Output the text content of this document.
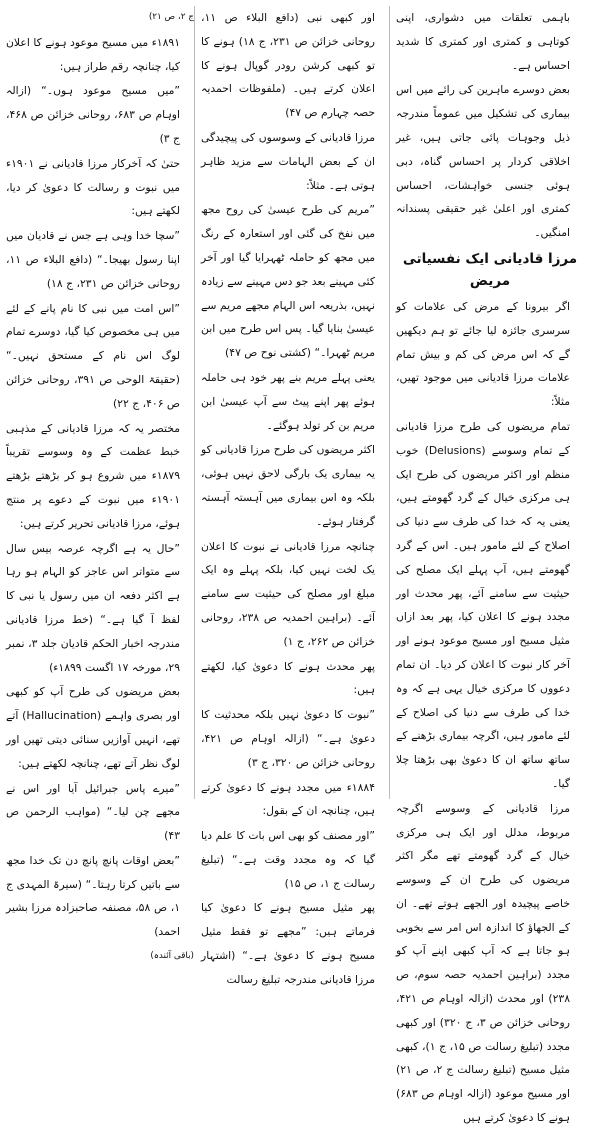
باہمی تعلقات میں دشواری، اپنی کوتاہی و کمتری اور کمتری کا شدید احساس ہے۔
بعض دوسرے ماہرین کی رائے میں اس بیماری کی تشکیل میں عموماً مندرجہ ذیل وجوہات پائی جاتی ہیں، غیر اخلاقی کردار پر احساس گناہ، دبی ہوئی جنسی خواہشات، احساس کمتری اور اعلیٰ غیر حقیقی پسندانہ امنگیں۔
مرزا قادیانی ایک نفسیاتی مریض
اگر بیرونا کے مرض کی علامات کو سرسری جائزہ لیا جائے تو ہم دیکھیں گے کہ اس مرض کی کم و بیش تمام علامات مرزا قادیانی میں موجود تھیں، مثلاً:
تمام مریضوں کی طرح مرزا قادیانی کے تمام وسوسے (Delusions) خوب منظم اور اکثر مریضوں کی طرح ایک ہی مرکزی خیال کے گرد گھومتے ہیں، یعنی یہ کہ خدا کی طرف سے دنیا کی اصلاح کے لئے مامور ہیں۔ اس کے گرد گھومتے ہیں، آپ پہلے ایک مصلح کی حیثیت سے سامنے آئے، پھر محدث اور مجدد ہونے کا اعلان کیا، پھر بعد ازاں مثیل مسیح اور مسیح موعود ہونے اور آخر کار نبوت کا اعلان کر دیا۔ ان تمام دعووں کا مرکزی خیال یہی ہے کہ وہ خدا کی طرف سے دنیا کی اصلاح کے لئے مامور ہیں، اگرچہ بیماری بڑھنے کے ساتھ ساتھ ان کا دعویٰ بھی بڑھتا چلا گیا۔
مرزا قادیانی کے وسوسے اگرچہ مربوط، مدلل اور ایک ہی مرکزی خیال کے گرد گھومتے تھے مگر اکثر مریضوں کی طرح ان کے وسوسے خاصے پیچیدہ اور الجھے ہوتے تھے۔ ان کے الجھاؤ کا اندازہ اس امر سے بخوبی ہو جاتا ہے کہ آپ کبھی اپنے آپ کو مجدد (براہین احمدیہ حصہ سوم، ص ۲۳۸) اور محدث (ازالہ اوہام ص ۴۲۱، روحانی خزائن ص ۳، ج ۳۲۰) اور کبھی مجدد (تبلیغ رسالت ص ۱۵، ج ۱)، کبھی مثیل مسیح (تبلیغ رسالت ج ۲، ص ۲۱) اور مسیح موعود (ازالہ اوہام ص ۶۸۳) ہونے کا دعویٰ کرتے ہیں
اور کبھی نبی (دافع البلاء ص ۱۱، روحانی خزائن ص ۲۳۱، ج ۱۸) ہونے کا تو کبھی کرشن رودر گوپال ہونے کا اعلان کرتے ہیں۔ (ملفوظات احمدیہ حصہ چہارم ص ۴۷)
مرزا قادیانی کے وسوسوں کی پیچیدگی ان کے بعض الہامات سے مزید ظاہر ہوتی ہے۔ مثلاً:
”مریم کی طرح عیسیٰ کی روح مجھ میں نفخ کی گئی اور استعارہ کے رنگ میں مجھ کو حاملہ ٹھہرایا گیا اور آخر کئی مہینے بعد جو دس مہینے سے زیادہ نہیں، بذریعہ اس الہام مجھے مریم سے عیسیٰ بنایا گیا۔ پس اس طرح میں ابن مریم ٹھہرا۔“ (کشتی نوح ص ۴۷)
یعنی پہلے مریم بنے پھر خود ہی حاملہ ہوئے پھر اپنے پیٹ سے آپ عیسیٰ ابن مریم بن کر تولد ہوگئے۔
اکثر مریضوں کی طرح مرزا قادیانی کو یہ بیماری یک بارگی لاحق نہیں ہوئی، بلکہ وہ اس بیماری میں آہستہ آہستہ گرفتار ہوئے۔
چنانچہ مرزا قادیانی نے نبوت کا اعلان یک لخت نہیں کیا، بلکہ پہلے وہ ایک مبلغ اور مصلح کی حیثیت سے سامنے آئے۔ (براہین احمدیہ ص ۲۳۸، روحانی خزائن ص ۲۶۲، ج ۱)
پھر محدث ہونے کا دعویٰ کیا، لکھتے ہیں:
”نبوت کا دعویٰ نہیں بلکہ محدثیت کا دعویٰ ہے۔“ (ازالہ اوہام ص ۴۲۱، روحانی خزائن ص ۳۲۰، ج ۳)
۱۸۸۴ء میں مجدد ہونے کا دعویٰ کرتے ہیں، چنانچہ ان کے بقول:
”اور مصنف کو بھی اس بات کا علم دیا گیا کہ وہ مجدد وقت ہے۔“ (تبلیغ رسالت ج ۱، ص ۱۵)
پھر مثیل مسیح ہونے کا دعویٰ کیا فرماتے ہیں: ”مجھے تو فقط مثیل مسیح ہونے کا دعویٰ ہے۔“ (اشتہار مرزا قادیانی مندرجہ تبلیغ رسالت
ج ۲، ص ۲۱)
۱۸۹۱ء میں مسیح موعود ہونے کا اعلان کیا، چنانچہ رقم طراز ہیں:
”میں مسیح موعود ہوں۔“ (ازالہ اوہام ص ۶۸۳، روحانی خزائن ص ۴۶۸، ج ۳)
حتیٰ کہ آخرکار مرزا قادیانی نے ۱۹۰۱ء میں نبوت و رسالت کا دعویٰ کر دیا، لکھتے ہیں:
”سچا خدا وہی ہے جس نے قادیان میں اپنا رسول بھیجا۔“ (دافع البلاء ص ۱۱، روحانی خزائن ص ۲۳۱، ج ۱۸)
”اس امت میں نبی کا نام پانے کے لئے میں ہی مخصوص کیا گیا، دوسرے تمام لوگ اس نام کے مستحق نہیں۔“ (حقیقۃ الوحی ص ۳۹۱، روحانی خزائن ص ۴۰۶، ج ۲۲)
مختصر یہ کہ مرزا قادیانی کے مذہبی خبط عظمت کے وہ وسوسے تقریباً ۱۸۷۹ء میں شروع ہو کر بڑھتے بڑھتے ۱۹۰۱ء میں نبوت کے دعوے پر منتج ہوئے، مرزا قادیانی تحریر کرتے ہیں:
”حال یہ ہے اگرچہ عرصہ بیس سال سے متواتر اس عاجز کو الہام ہو رہا ہے اکثر دفعہ ان میں رسول یا نبی کا لفظ آ گیا ہے۔“ (خط مرزا قادیانی مندرجہ اخبار الحکم قادیان جلد ۳، نمبر ۲۹، مورخہ ۱۷ اگست ۱۸۹۹ء)
بعض مریضوں کی طرح آپ کو کبھی اور بصری واہمے (Hallucination) آتے تھے، انہیں آوازیں سنائی دیتی تھیں اور لوگ نظر آتے تھے، چنانچہ لکھتے ہیں:
”میرے پاس جبرائیل آیا اور اس نے مجھے چن لیا۔“ (مواہب الرحمن ص ۴۳)
”بعض اوقات پانچ پانچ دن تک خدا مجھ سے باتیں کرتا رہتا۔“ (سیرۃ المہدی ج ۱، ص ۵۸، مصنفہ صاحبزادہ مرزا بشیر احمد)
(باقی آئندہ)
